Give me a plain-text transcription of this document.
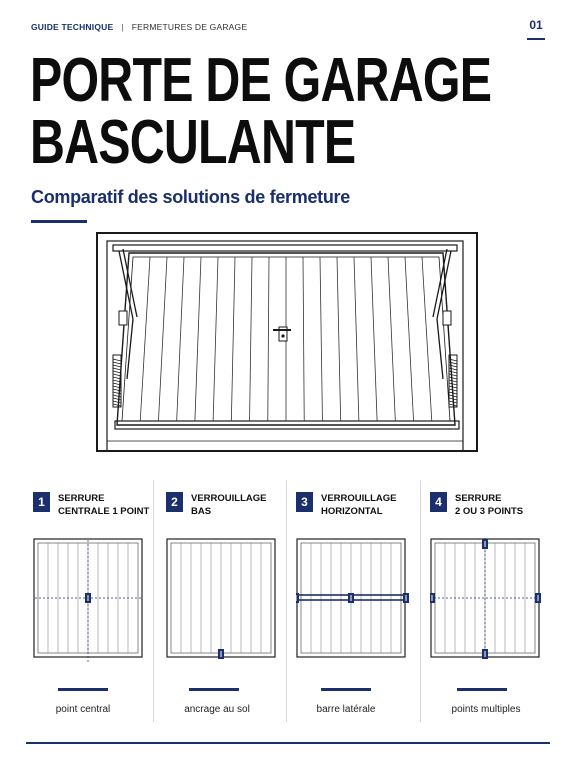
GUIDE TECHNIQUE | FERMETURES DE GARAGE	01
PORTE DE GARAGE
BASCULANTE
Comparatif des solutions de fermeture
1	SERRURE
CENTRALE 1 POINT
point central
2	VERROUILLAGE
BAS
ancrage au sol
3	VERROUILLAGE
HORIZONTAL
barre latérale
4	SERRURE
2 OU 3 POINTS
points multiples
